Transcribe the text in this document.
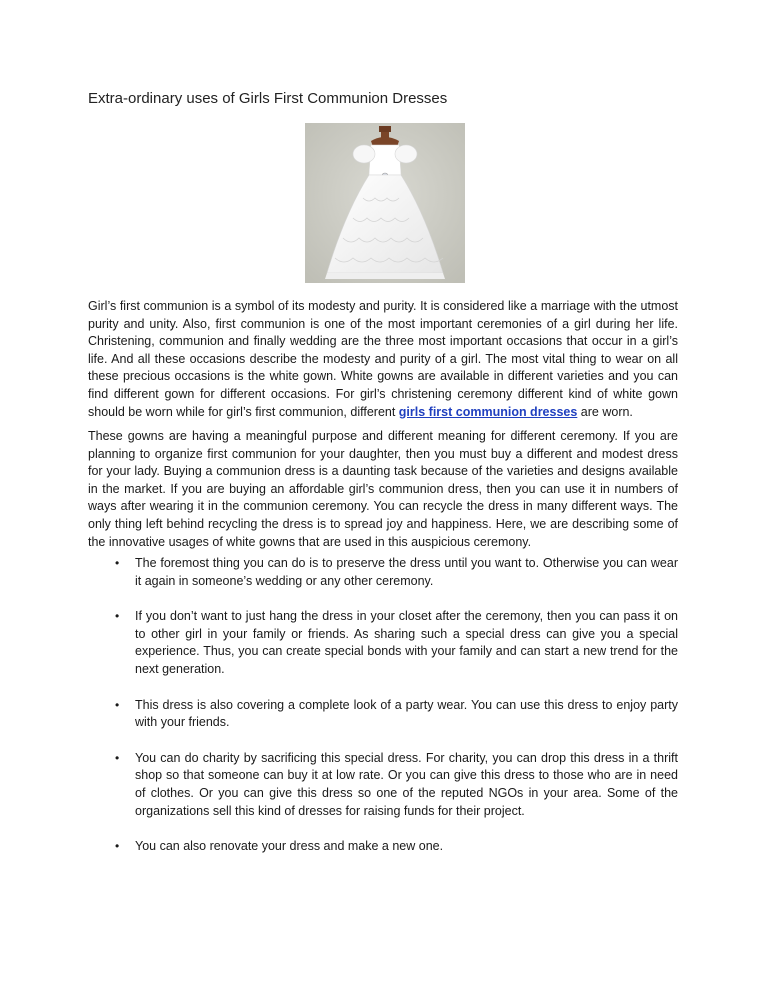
Extra-ordinary uses of Girls First Communion Dresses

Girl’s first communion is a symbol of its modesty and purity. It is considered like a marriage with the utmost purity and unity. Also, first communion is one of the most important ceremonies of a girl during her life. Christening, communion and finally wedding are the three most important occasions that occur in a girl’s life. And all these occasions describe the modesty and purity of a girl. The most vital thing to wear on all these precious occasions is the white gown. White gowns are available in different varieties and you can find different gown for different occasions. For girl’s christening ceremony different kind of white gown should be worn while for girl’s first communion, different girls first communion dresses are worn.

These gowns are having a meaningful purpose and different meaning for different ceremony. If you are planning to organize first communion for your daughter, then you must buy a different and modest dress for your lady. Buying a communion dress is a daunting task because of the varieties and designs available in the market. If you are buying an affordable girl’s communion dress, then you can use it in numbers of ways after wearing it in the communion ceremony. You can recycle the dress in many different ways. The only thing left behind recycling the dress is to spread joy and happiness. Here, we are describing some of the innovative usages of white gowns that are used in this auspicious ceremony.

• The foremost thing you can do is to preserve the dress until you want to. Otherwise you can wear it again in someone’s wedding or any other ceremony.
• If you don’t want to just hang the dress in your closet after the ceremony, then you can pass it on to other girl in your family or friends. As sharing such a special dress can give you a special experience. Thus, you can create special bonds with your family and can start a new trend for the next generation.
• This dress is also covering a complete look of a party wear. You can use this dress to enjoy party with your friends.
• You can do charity by sacrificing this special dress. For charity, you can drop this dress in a thrift shop so that someone can buy it at low rate. Or you can give this dress to those who are in need of clothes. Or you can give this dress so one of the reputed NGOs in your area. Some of the organizations sell this kind of dresses for raising funds for their project.
• You can also renovate your dress and make a new one.
